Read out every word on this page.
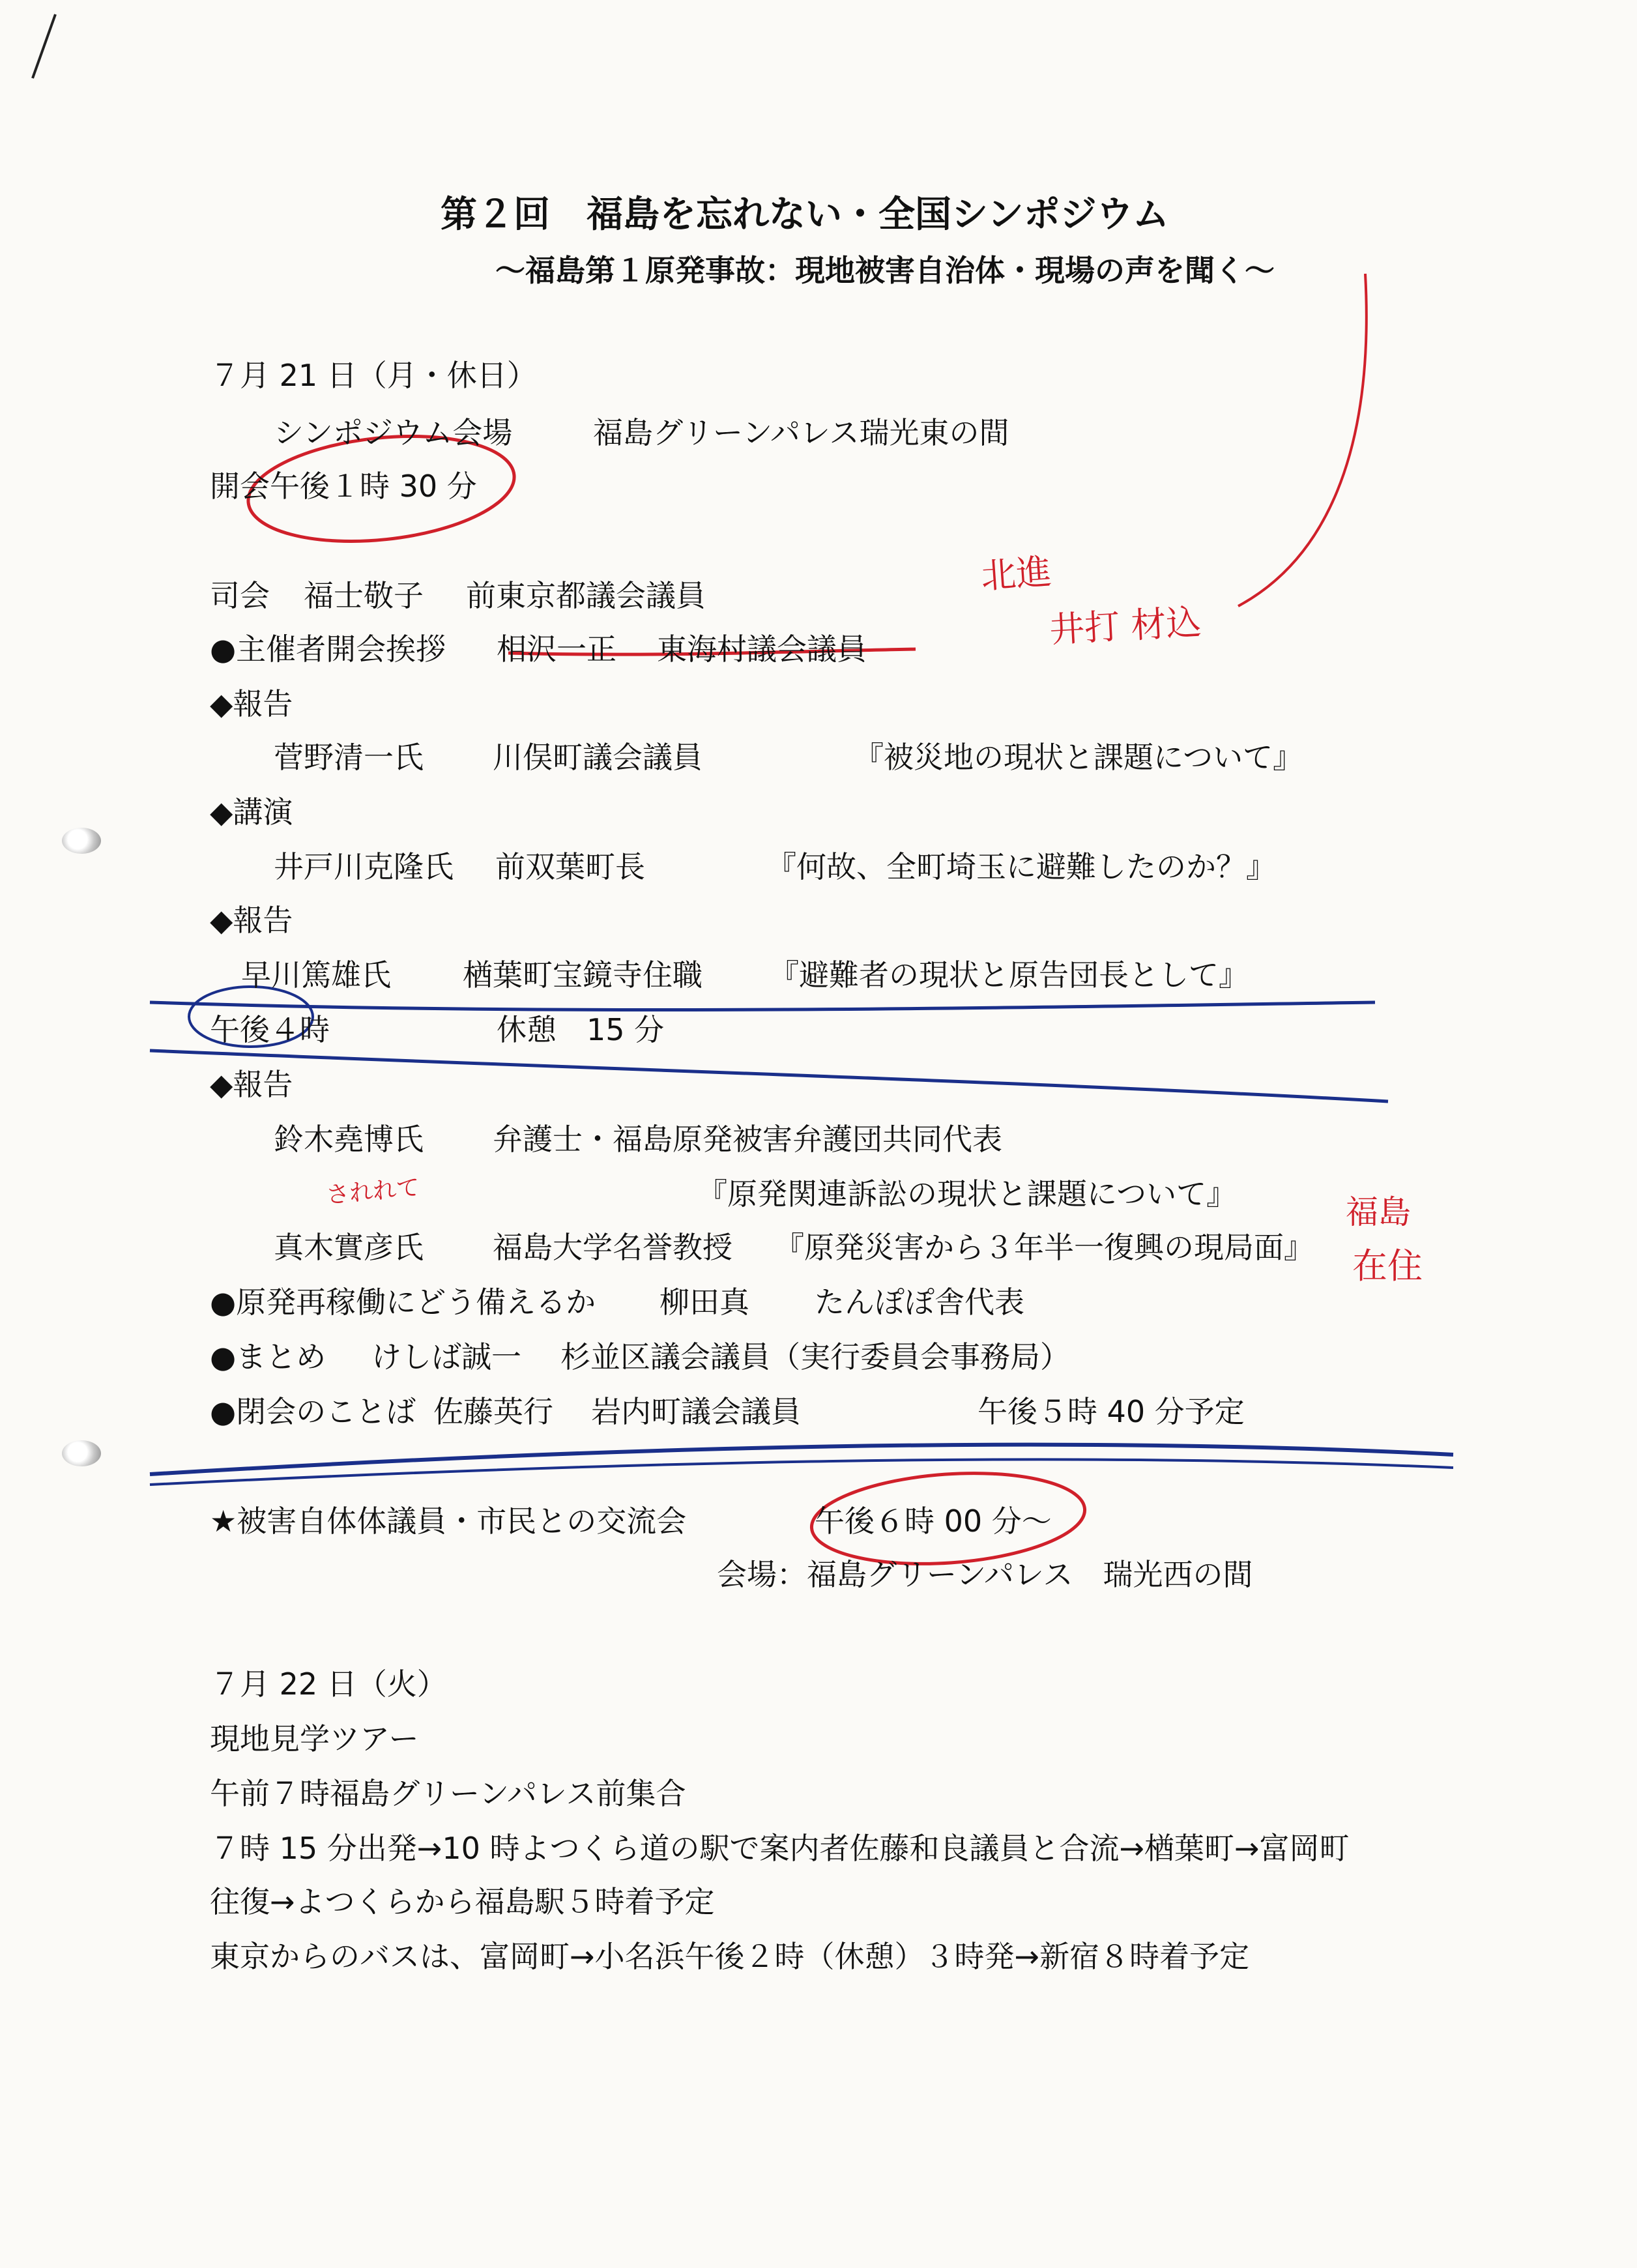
第２回　福島を忘れない・全国シンポジウム
〜福島第１原発事故：現地被害自治体・現場の声を聞く〜
７月 21 日（月・休日）
シンポジウム会場	福島グリーンパレス瑞光東の間
開会午後１時 30 分
司会 福士敬子 前東京都議会議員
●主催者開会挨拶 相沢一正 東海村議会議員
◆報告
菅野清一氏 川俣町議会議員	『被災地の現状と課題について』
◆講演
井戸川克隆氏 前双葉町長	『何故、全町埼玉に避難したのか？』
◆報告
早川篤雄氏 楢葉町宝鏡寺住職 『避難者の現状と原告団長として』
午後４時	休憩　15 分
◆報告
鈴木堯博氏 弁護士・福島原発被害弁護団共同代表
『原発関連訴訟の現状と課題について』
真木實彦氏 福島大学名誉教授 『原発災害から３年半一復興の現局面』
●原発再稼働にどう備えるか 柳田真 たんぽぽ舎代表
●まとめ けしば誠一 杉並区議会議員（実行委員会事務局）
●閉会のことば 佐藤英行 岩内町議会議員	午後５時 40 分予定
★被害自体体議員・市民との交流会	午後６時 00 分〜
会場：福島グリーンパレス　瑞光西の間
７月 22 日（火）
現地見学ツアー
午前７時福島グリーンパレス前集合
７時 15 分出発→10 時よつくら道の駅で案内者佐藤和良議員と合流→楢葉町→富岡町
往復→よつくらから福島駅５時着予定
東京からのバスは、富岡町→小名浜午後２時（休憩）３時発→新宿８時着予定
北進
井打 材込
されれて
福島
在住
